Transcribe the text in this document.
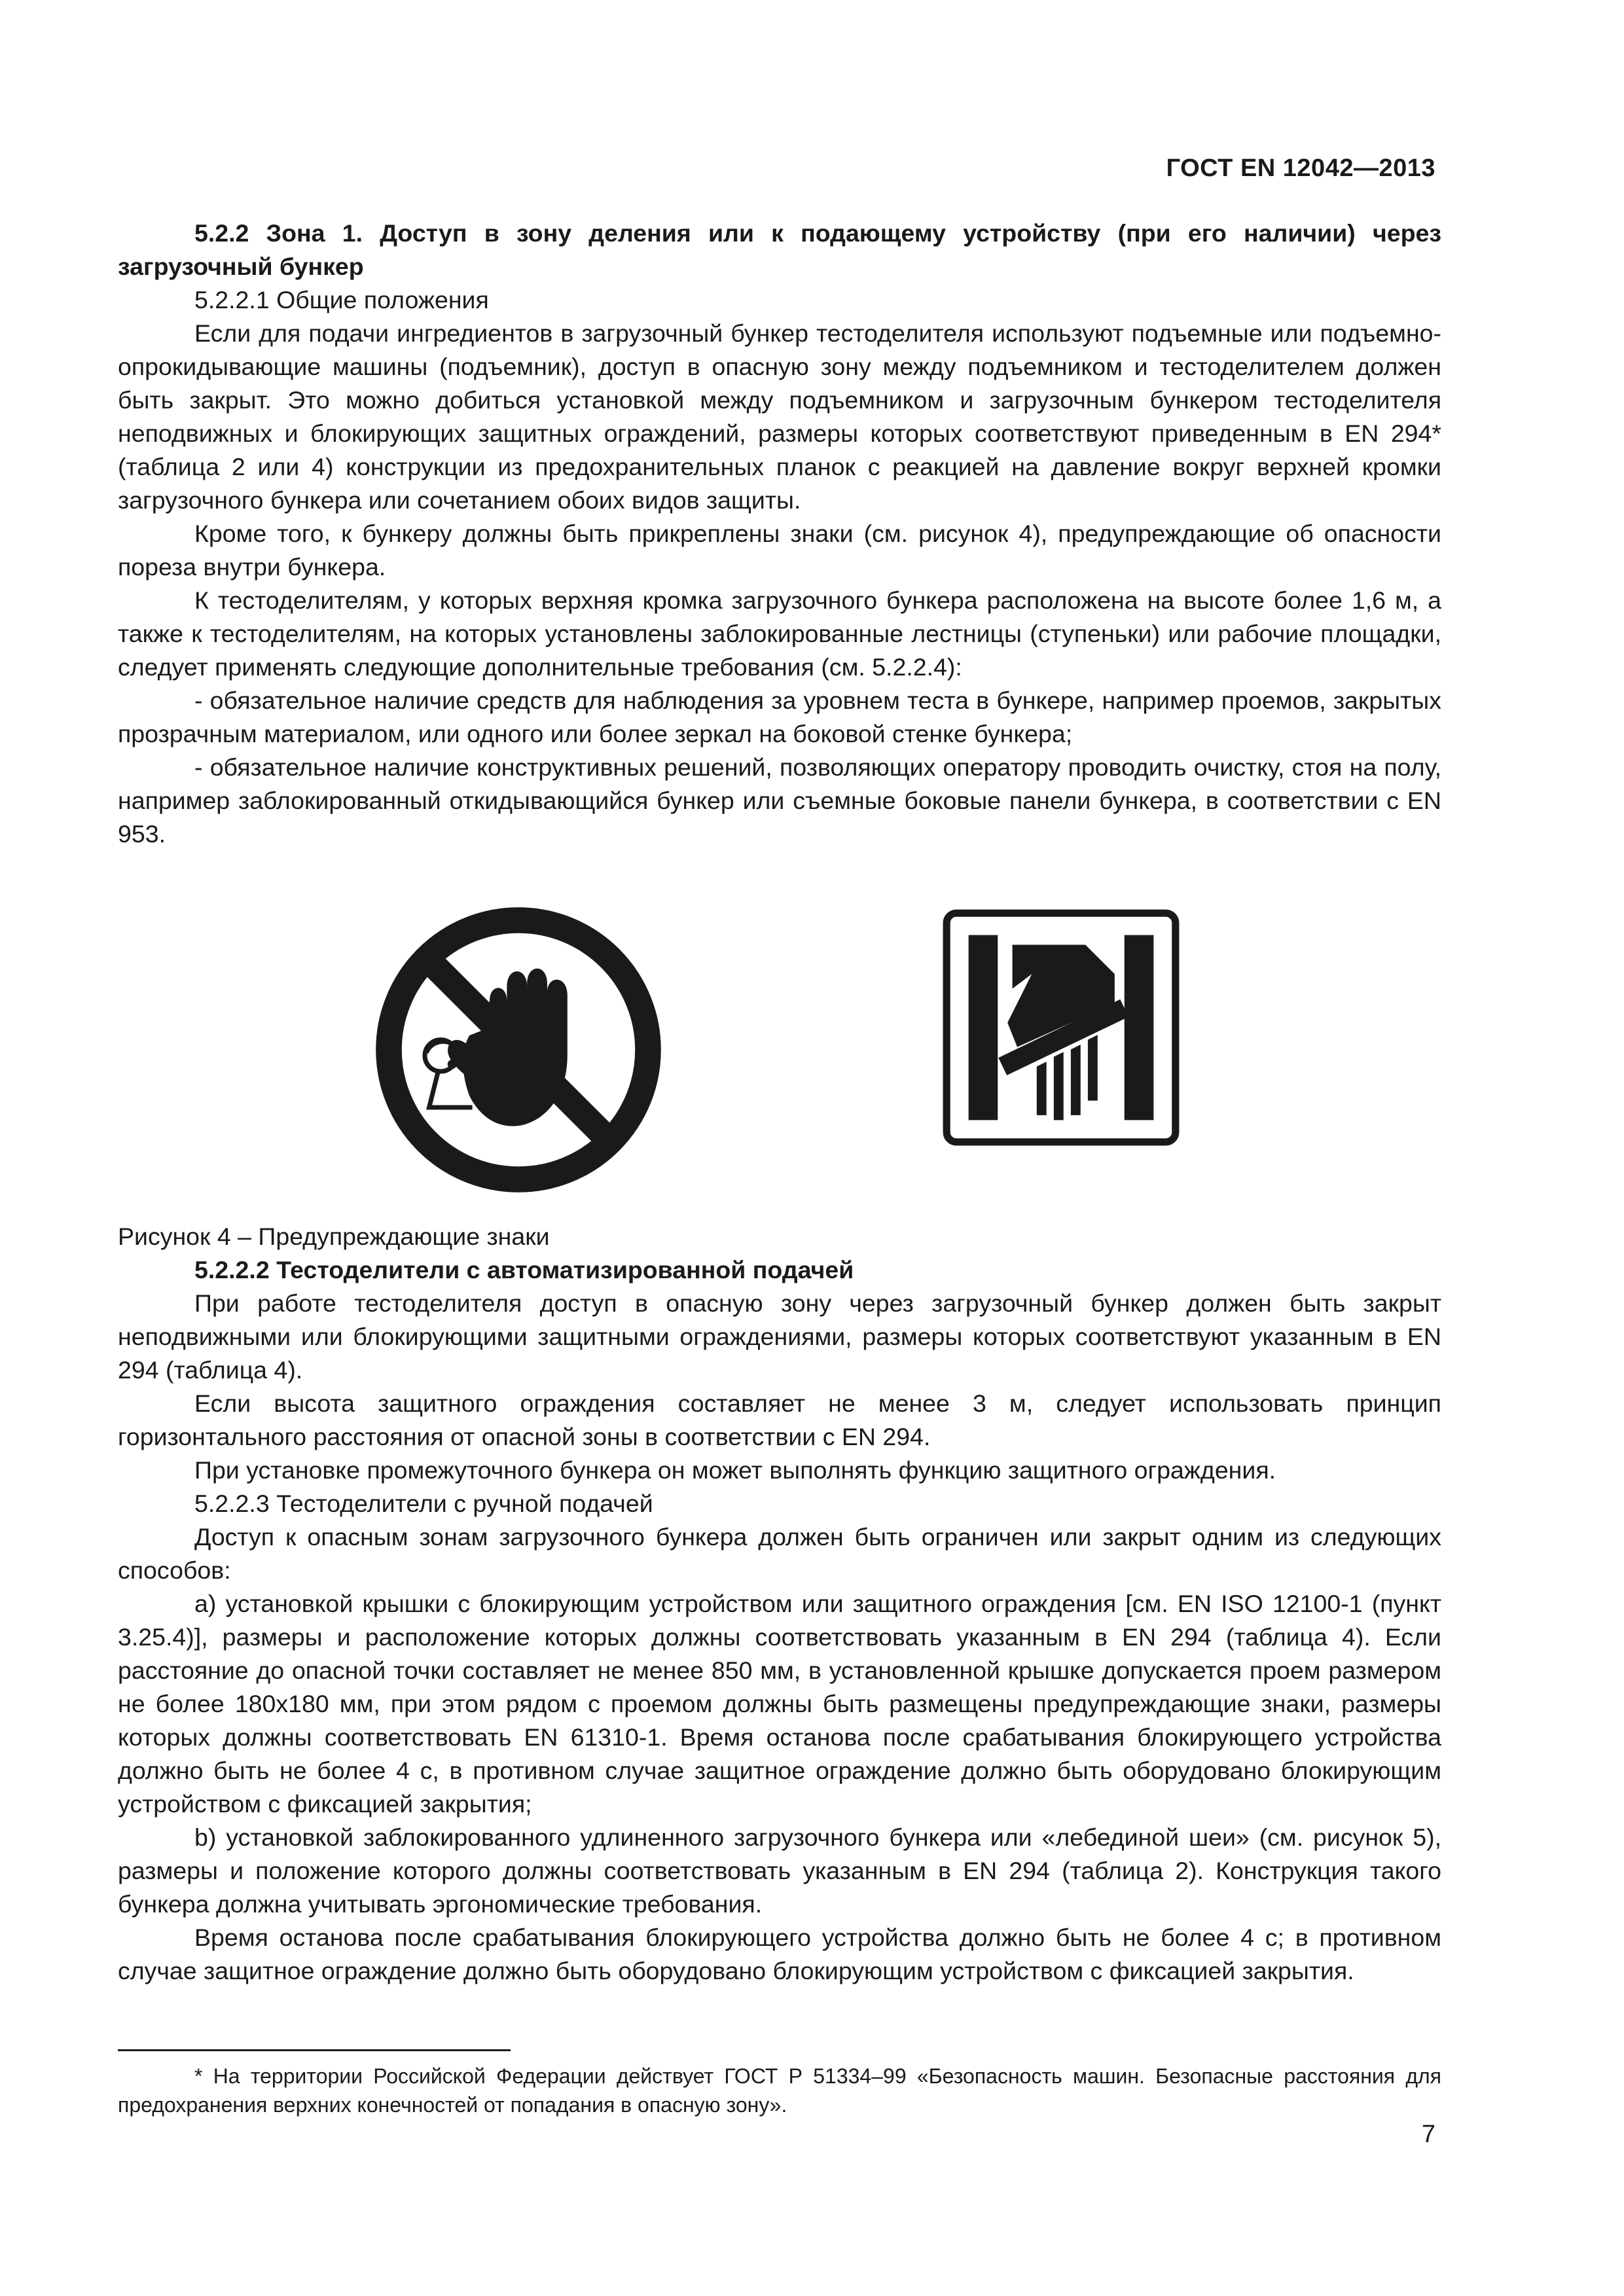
ГОСТ EN 12042—2013

5.2.2 Зона 1. Доступ в зону деления или к подающему устройству (при его наличии) через загрузочный бункер

5.2.2.1 Общие положения

Если для подачи ингредиентов в загрузочный бункер тестоделителя используют подъемные или подъемно-опрокидывающие машины (подъемник), доступ в опасную зону между подъемником и тестоделителем должен быть закрыт. Это можно добиться установкой между подъемником и загрузочным бункером тестоделителя неподвижных и блокирующих защитных ограждений, размеры которых соответствуют приведенным в EN 294* (таблица 2 или 4) конструкции из предохранительных планок с реакцией на давление вокруг верхней кромки загрузочного бункера или сочетанием обоих видов защиты.

Кроме того, к бункеру должны быть прикреплены знаки (см. рисунок 4), предупреждающие об опасности пореза внутри бункера.

К тестоделителям, у которых верхняя кромка загрузочного бункера расположена на высоте более 1,6 м, а также к тестоделителям, на которых установлены заблокированные лестницы (ступеньки) или рабочие площадки, следует применять следующие дополнительные требования (см. 5.2.2.4):

- обязательное наличие средств для наблюдения за уровнем теста в бункере, например проемов, закрытых прозрачным материалом, или одного или более зеркал на боковой стенке бункера;

- обязательное наличие конструктивных решений, позволяющих оператору проводить очистку, стоя на полу, например заблокированный откидывающийся бункер или съемные боковые панели бункера, в соответствии с EN 953.

Рисунок 4 – Предупреждающие знаки

5.2.2.2 Тестоделители с автоматизированной подачей

При работе тестоделителя доступ в опасную зону через загрузочный бункер должен быть закрыт неподвижными или блокирующими защитными ограждениями, размеры которых соответствуют указанным в EN 294 (таблица 4).

Если высота защитного ограждения составляет не менее 3 м, следует использовать принцип горизонтального расстояния от опасной зоны в соответствии с EN 294.

При установке промежуточного бункера он может выполнять функцию защитного ограждения.

5.2.2.3 Тестоделители с ручной подачей

Доступ к опасным зонам загрузочного бункера должен быть ограничен или закрыт одним из следующих способов:

а) установкой крышки с блокирующим устройством или защитного ограждения [см. EN ISO 12100-1 (пункт 3.25.4)], размеры и расположение которых должны соответствовать указанным в EN 294 (таблица 4). Если расстояние до опасной точки составляет не менее 850 мм, в установленной крышке допускается проем размером не более 180х180 мм, при этом рядом с проемом должны быть размещены предупреждающие знаки, размеры которых должны соответствовать EN 61310-1. Время останова после срабатывания блокирующего устройства должно быть не более 4 с, в противном случае защитное ограждение должно быть оборудовано блокирующим устройством с фиксацией закрытия;

b) установкой заблокированного удлиненного загрузочного бункера или «лебединой шеи» (см. рисунок 5), размеры и положение которого должны соответствовать указанным в EN 294 (таблица 2). Конструкция такого бункера должна учитывать эргономические требования.

Время останова после срабатывания блокирующего устройства должно быть не более 4 с; в противном случае защитное ограждение должно быть оборудовано блокирующим устройством с фиксацией закрытия.

* На территории Российской Федерации действует ГОСТ Р 51334–99 «Безопасность машин. Безопасные расстояния для предохранения верхних конечностей от попадания в опасную зону».
7
